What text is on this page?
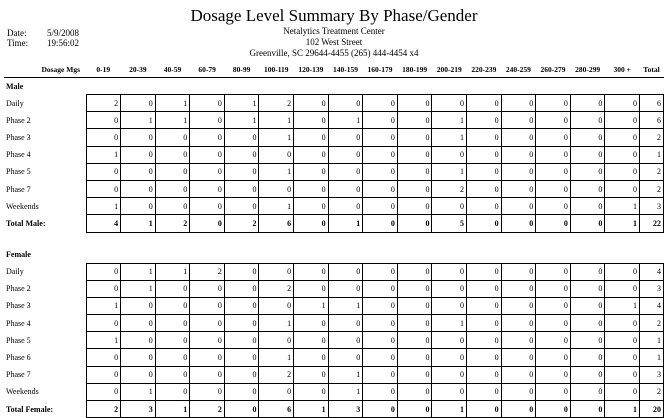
Dosage Level Summary By Phase/Gender
Date: 5/9/2008
Time: 19:56:02
Netalytics Treatment Center
102 West Street
Greenville, SC 29644-4455 (265) 444-4454 x4
Dosage Mgs	0-19	20-39	40-59	60-79	80-99	100-119	120-139	140-159	160-179	180-199	200-219	220-239	240-259	260-279	280-299	300 +	Total
Male																	
Daily	2	0	1	0	1	2	0	0	0	0	0	0	0	0	0	0	6
Phase 2	0	1	1	0	1	1	0	1	0	0	1	0	0	0	0	0	6
Phase 3	0	0	0	0	0	1	0	0	0	0	1	0	0	0	0	0	2
Phase 4	1	0	0	0	0	0	0	0	0	0	0	0	0	0	0	0	1
Phase 5	0	0	0	0	0	1	0	0	0	0	1	0	0	0	0	0	2
Phase 7	0	0	0	0	0	0	0	0	0	0	2	0	0	0	0	0	2
Weekends	1	0	0	0	0	1	0	0	0	0	0	0	0	0	0	1	3
Total Male:	4	1	2	0	2	6	0	1	0	0	5	0	0	0	0	1	22

Female																	
Daily	0	1	1	2	0	0	0	0	0	0	0	0	0	0	0	0	4
Phase 2	0	1	0	0	0	2	0	0	0	0	0	0	0	0	0	0	3
Phase 3	1	0	0	0	0	0	1	1	0	0	0	0	0	0	0	1	4
Phase 4	0	0	0	0	0	1	0	0	0	0	1	0	0	0	0	0	2
Phase 5	1	0	0	0	0	0	0	0	0	0	0	0	0	0	0	0	1
Phase 6	0	0	0	0	0	1	0	0	0	0	0	0	0	0	0	0	1
Phase 7	0	0	0	0	0	2	0	1	0	0	0	0	0	0	0	0	3
Weekends	0	1	0	0	0	0	0	1	0	0	0	0	0	0	0	0	2
Total Female:	2	3	1	2	0	6	1	3	0	0	1	0	0	0	0	1	20
